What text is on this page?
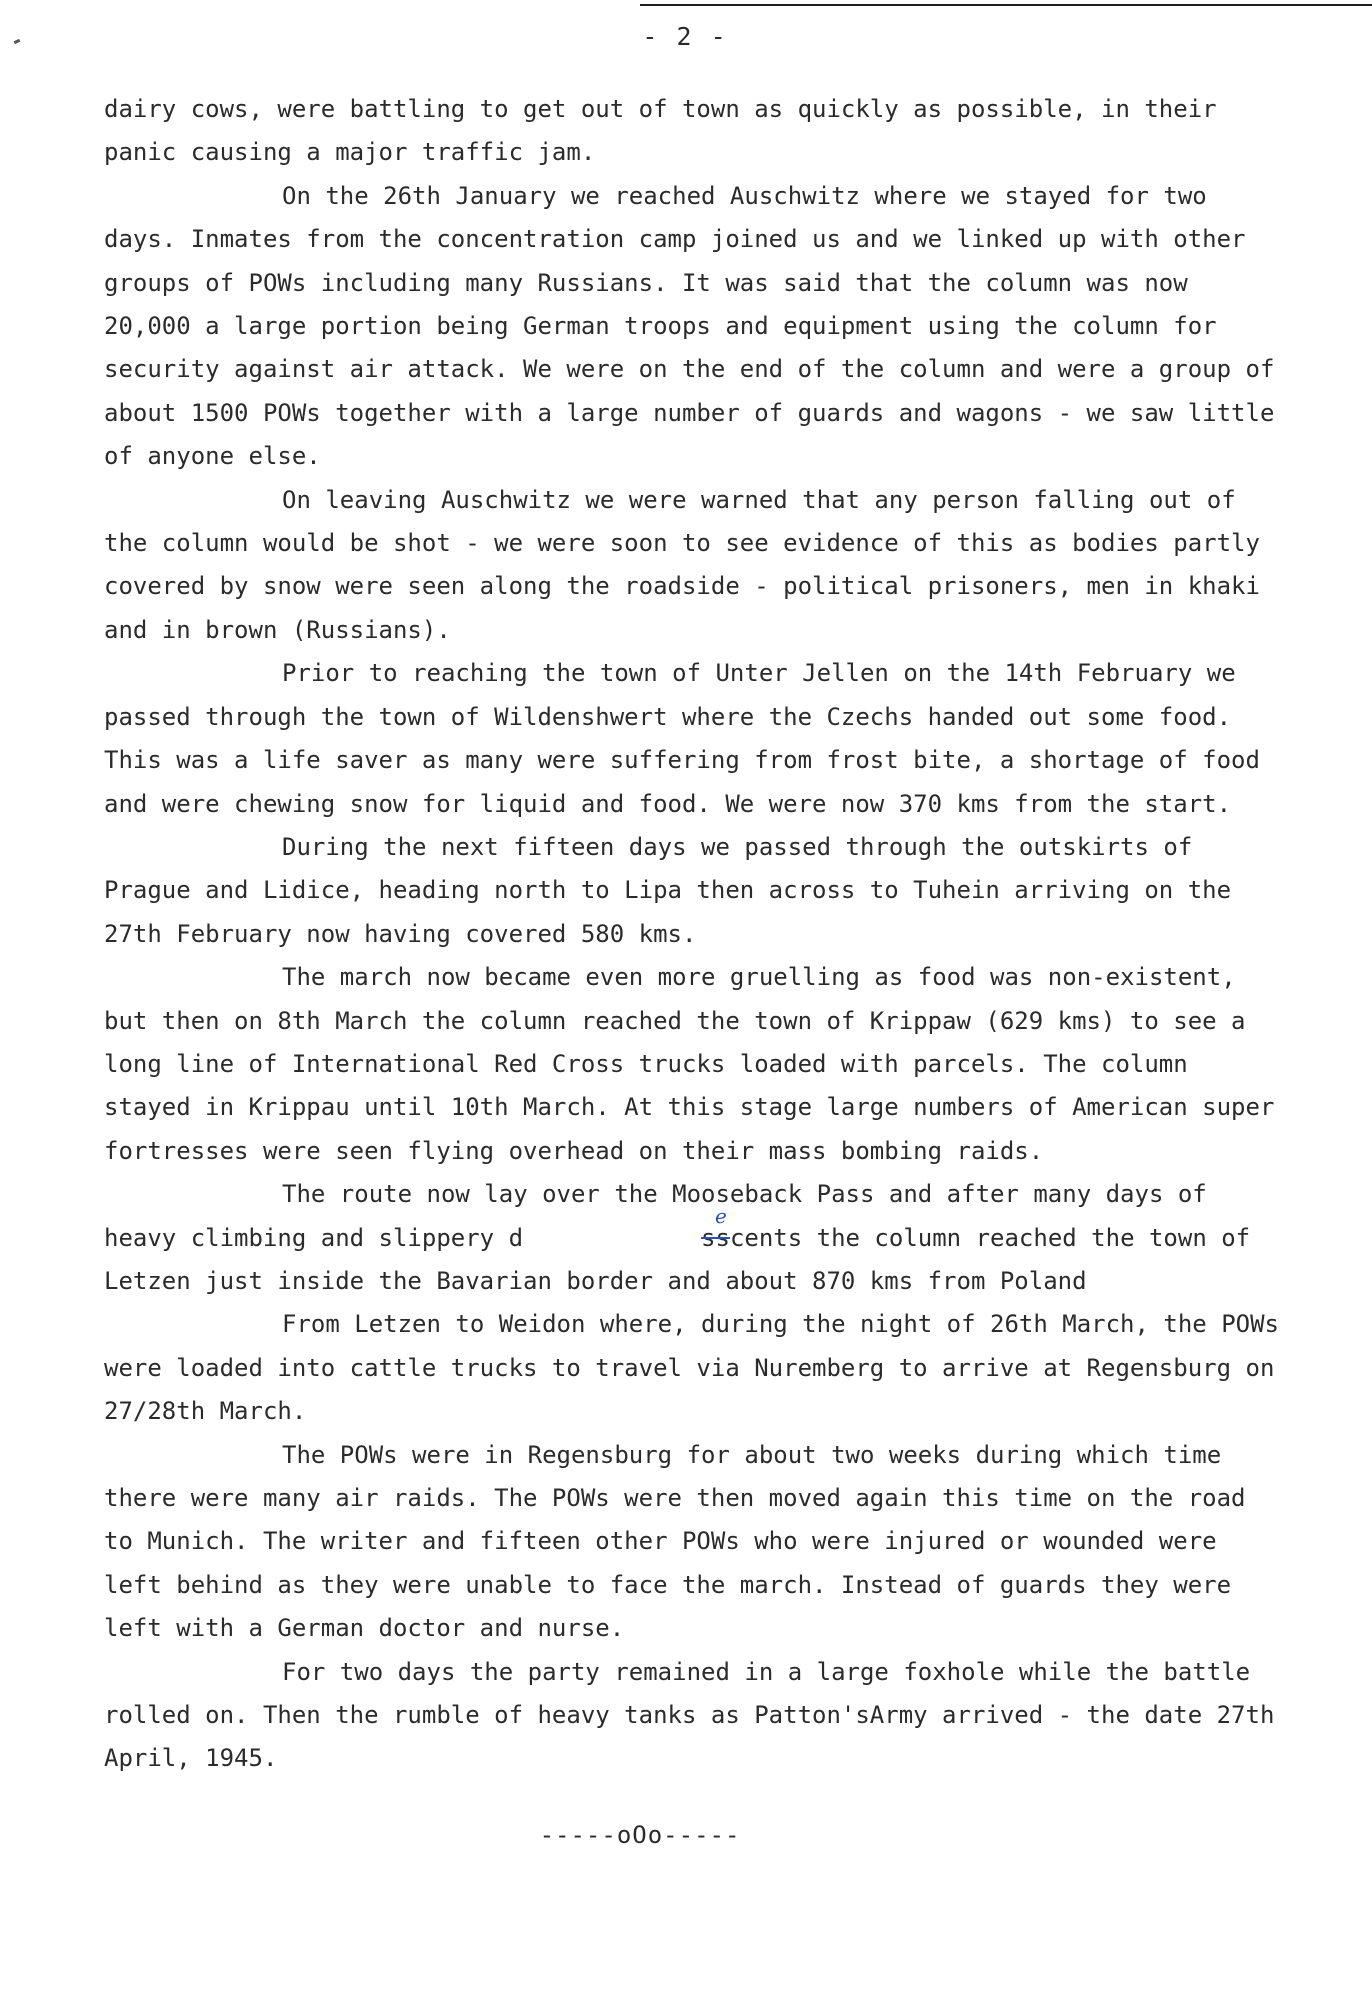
- 2 -

dairy cows, were battling to get out of town as quickly as possible, in their panic causing a major traffic jam.

On the 26th January we reached Auschwitz where we stayed for two days. Inmates from the concentration camp joined us and we linked up with other groups of POWs including many Russians. It was said that the column was now 20,000 a large portion being German troops and equipment using the column for security against air attack. We were on the end of the column and were a group of about 1500 POWs together with a large number of guards and wagons - we saw little of anyone else.

On leaving Auschwitz we were warned that any person falling out of the column would be shot - we were soon to see evidence of this as bodies partly covered by snow were seen along the roadside - political prisoners, men in khaki and in brown (Russians).

Prior to reaching the town of Unter Jellen on the 14th February we passed through the town of Wildenshwert where the Czechs handed out some food. This was a life saver as many were suffering from frost bite, a shortage of food and were chewing snow for liquid and food. We were now 370 kms from the start.

During the next fifteen days we passed through the outskirts of Prague and Lidice, heading north to Lipa then across to Tuhein arriving on the 27th February now having covered 580 kms.

The march now became even more gruelling as food was non-existent, but then on 8th March the column reached the town of Krippaw (629 kms) to see a long line of International Red Cross trucks loaded with parcels. The column stayed in Krippau until 10th March. At this stage large numbers of American super fortresses were seen flying overhead on their mass bombing raids.

The route now lay over the Mooseback Pass and after many days of heavy climbing and slippery d	ss
e
cents the column reached the town of Letzen just inside the Bavarian border and about 870 kms from Poland

From Letzen to Weidon where, during the night of 26th March, the POWs were loaded into cattle trucks to travel via Nuremberg to arrive at Regensburg on 27/28th March.

The POWs were in Regensburg for about two weeks during which time there were many air raids. The POWs were then moved again this time on the road to Munich. The writer and fifteen other POWs who were injured or wounded were left behind as they were unable to face the march. Instead of guards they were left with a German doctor and nurse.

For two days the party remained in a large foxhole while the battle rolled on. Then the rumble of heavy tanks as Patton'sArmy arrived - the date 27th April, 1945.

-----oOo-----
